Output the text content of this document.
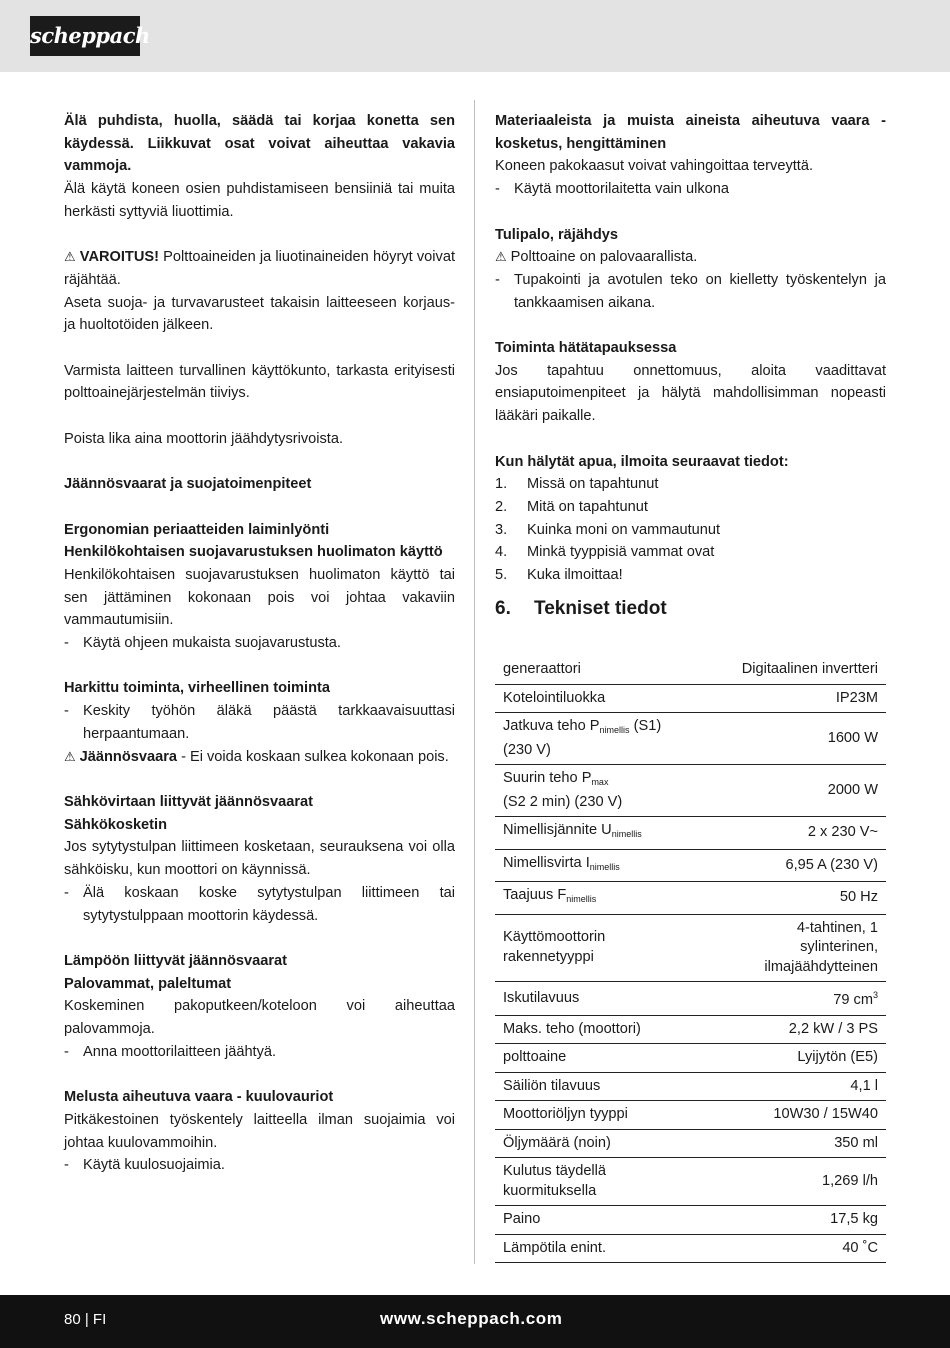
scheppach
Älä puhdista, huolla, säädä tai korjaa konetta sen käydessä. Liikkuvat osat voivat aiheuttaa vakavia vammoja.
Älä käytä koneen osien puhdistamiseen bensiiniä tai muita herkästi syttyviä liuottimia.
⚠ VAROITUS! Polttoaineiden ja liuotinaineiden höyryt voivat räjähtää.
Aseta suoja- ja turvavarusteet takaisin laitteeseen korjaus- ja huoltotöiden jälkeen.
Varmista laitteen turvallinen käyttökunto, tarkasta erityisesti polttoainejärjestelmän tiiviys.
Poista lika aina moottorin jäähdytysrivoista.
Jäännösvaarat ja suojatoimenpiteet
Ergonomian periaatteiden laiminlyönti
Henkilökohtaisen suojavarustuksen huolimaton käyttö
Henkilökohtaisen suojavarustuksen huolimaton käyttö tai sen jättäminen kokonaan pois voi johtaa vakaviin vammautumisiin.
- Käytä ohjeen mukaista suojavarustusta.
Harkittu toiminta, virheellinen toiminta
- Keskity työhön äläkä päästä tarkkaavaisuuttasi herpaantumaan.
⚠ Jäännösvaara - Ei voida koskaan sulkea kokonaan pois.
Sähkövirtaan liittyvät jäännösvaarat
Sähkökosketin
Jos sytytystulpan liittimeen kosketaan, seurauksena voi olla sähköisku, kun moottori on käynnissä.
- Älä koskaan koske sytytystulpan liittimeen tai sytytystulppaan moottorin käydessä.
Lämpöön liittyvät jäännösvaarat
Palovammat, paleltumat
Koskeminen pakoputkeen/koteloon voi aiheuttaa palovammoja.
- Anna moottorilaitteen jäähtyä.
Melusta aiheutuva vaara - kuulovauriot
Pitkäkestoinen työskentely laitteella ilman suojaimia voi johtaa kuulovammoihin.
- Käytä kuulosuojaimia.
Materiaaleista ja muista aineista aiheutuva vaara - kosketus, hengittäminen
Koneen pakokaasut voivat vahingoittaa terveyttä.
- Käytä moottorilaitetta vain ulkona
Tulipalo, räjähdys
⚠ Polttoaine on palovaarallista.
- Tupakointi ja avotulen teko on kielletty työskentelyn ja tankkaamisen aikana.
Toiminta hätätapauksessa
Jos tapahtuu onnettomuus, aloita vaadittavat ensiaputoimenpiteet ja hälytä mahdollisimman nopeasti lääkäri paikalle.
Kun hälytät apua, ilmoita seuraavat tiedot:
1.	Missä on tapahtunut
2.	Mitä on tapahtunut
3.	Kuinka moni on vammautunut
4.	Minkä tyyppisiä vammat ovat
5.	Kuka ilmoittaa!
6.	Tekniset tiedot
generaattori	Digitaalinen invertteri
Kotelointiluokka	IP23M
Jatkuva teho $P_{nimellis}$ (S1)
(230 V)	1600 W
Suurin teho $P_{max}$
(S2 2 min) (230 V)	2000 W
Nimellisjännite $U_{nimellis}$	2 x 230 V~
Nimellisvirta $I_{nimellis}$	6,95 A (230 V)
Taajuus $F_{nimellis}$	50 Hz
Käyttömoottorin
rakennetyyppi	4-tahtinen, 1
sylinterinen,
ilmajäähdytteinen
Iskutilavuus	79 $cm^3$
Maks. teho (moottori)	2,2 kW / 3 PS
polttoaine	Lyijytön (E5)
Säiliön tilavuus	4,1 l
Moottoriöljyn tyyppi	10W30 / 15W40
Öljymäärä (noin)	350 ml
Kulutus täydellä
kuormituksella	1,269 l/h
Paino	17,5 kg
Lämpötila enint.	40 ˚C
80 | FI	www.scheppach.com
